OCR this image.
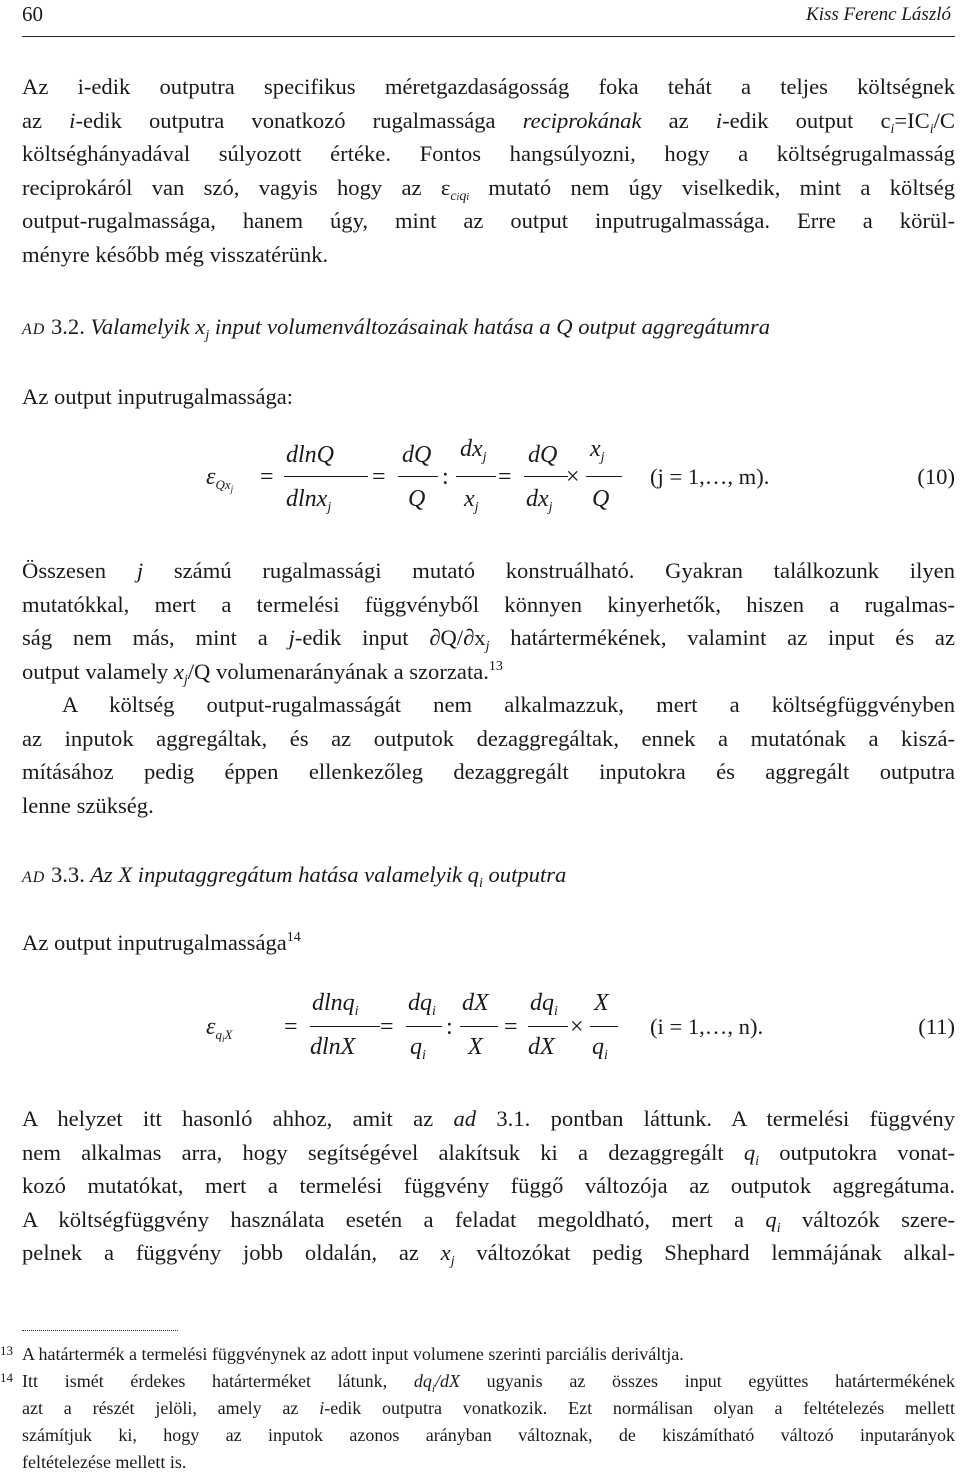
60	Kiss Ferenc László
Az i-edik outputra specifikus méretgazdaságosság foka tehát a teljes költségnek
az i-edik outputra vonatkozó rugalmassága reciprokának az i-edik output $c_i=IC_i/C$
költséghányadával súlyozott értéke. Fontos hangsúlyozni, hogy a költségrugalmasság
reciprokáról van szó, vagyis hogy az $\varepsilon_{ciqi}$ mutató nem úgy viselkedik, mint a költség
output-rugalmassága, hanem úgy, mint az output inputrugalmassága. Erre a körül-
ményre később még visszatérünk.
ad 3.2. Valamelyik $x_j$ input volumenváltozásainak hatása a Q output aggregátumra
Az output inputrugalmassága:
$\varepsilon_{Qx_j}$ =
dlnQ
dlnx$_j$
=
dQ
Q
:
$dx_j$
$x_j$
=
dQ
$dx_j$
×
$x_j$
Q
(j = 1,…, m).	(10)
Összesen j számú rugalmassági mutató konstruálható. Gyakran találkozunk ilyen
mutatókkal, mert a termelési függvényből könnyen kinyerhetők, hiszen a rugalmas-
ság nem más, mint a j-edik input $\partial Q/\partial x_j$ határtermékének, valamint az input és az
output valamely $x_j/Q$ volumenarányának a szorzata.$^{13}$
A költség output-rugalmasságát nem alkalmazzuk, mert a költségfüggvényben
az inputok aggregáltak, és az outputok dezaggregáltak, ennek a mutatónak a kiszá-
mításához pedig éppen ellenkezőleg dezaggregált inputokra és aggregált outputra
lenne szükség.
ad 3.3. Az X inputaggregátum hatása valamelyik $q_i$ outputra
Az output inputrugalmassága$^{14}$
$\varepsilon_{q_iX}$ =
dlnq$_i$
dlnX
=
$dq_i$
$q_i$
:
dX
X
=
$dq_i$
dX
×
X
$q_i$
(i = 1,…, n).	(11)
A helyzet itt hasonló ahhoz, amit az ad 3.1. pontban láttunk. A termelési függvény
nem alkalmas arra, hogy segítségével alakítsuk ki a dezaggregált $q_i$ outputokra vonat-
kozó mutatókat, mert a termelési függvény függő változója az outputok aggregátuma.
A költségfüggvény használata esetén a feladat megoldható, mert a $q_i$ változók szere-
pelnek a függvény jobb oldalán, az $x_j$ változókat pedig Shephard lemmájának alkal-
13 A határtermék a termelési függvénynek az adott input volumene szerinti parciális deriváltja.
14 Itt ismét érdekes határterméket látunk, $dq_i/dX$ ugyanis az összes input együttes határtermékének
azt a részét jelöli, amely az i-edik outputra vonatkozik. Ezt normálisan olyan a feltételezés mellett
számítjuk ki, hogy az inputok azonos arányban változnak, de kiszámítható változó inputarányok
feltételezése mellett is.
